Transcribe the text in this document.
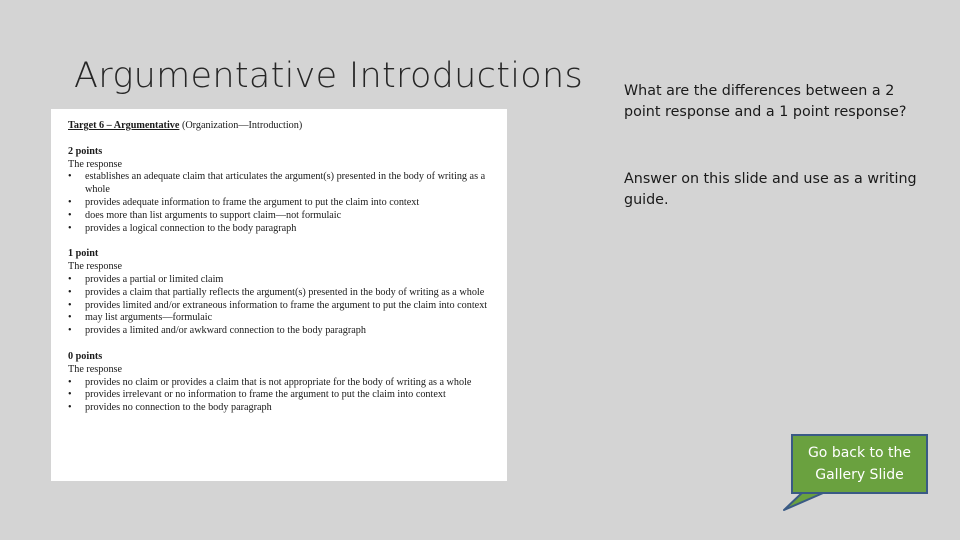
Argumentative Introductions
Target 6 – Argumentative (Organization—Introduction)
2 points
The response
• establishes an adequate claim that articulates the argument(s) presented in the body of writing as a whole
• provides adequate information to frame the argument to put the claim into context
• does more than list arguments to support claim—not formulaic
• provides a logical connection to the body paragraph
1 point
The response
• provides a partial or limited claim
• provides a claim that partially reflects the argument(s) presented in the body of writing as a whole
• provides limited and/or extraneous information to frame the argument to put the claim into context
• may list arguments—formulaic
• provides a limited and/or awkward connection to the body paragraph
0 points
The response
• provides no claim or provides a claim that is not appropriate for the body of writing as a whole
• provides irrelevant or no information to frame the argument to put the claim into context
• provides no connection to the body paragraph
What are the differences between a 2 point response and a 1 point response?
Answer on this slide and use as a writing guide.
Go back to the Gallery Slide
